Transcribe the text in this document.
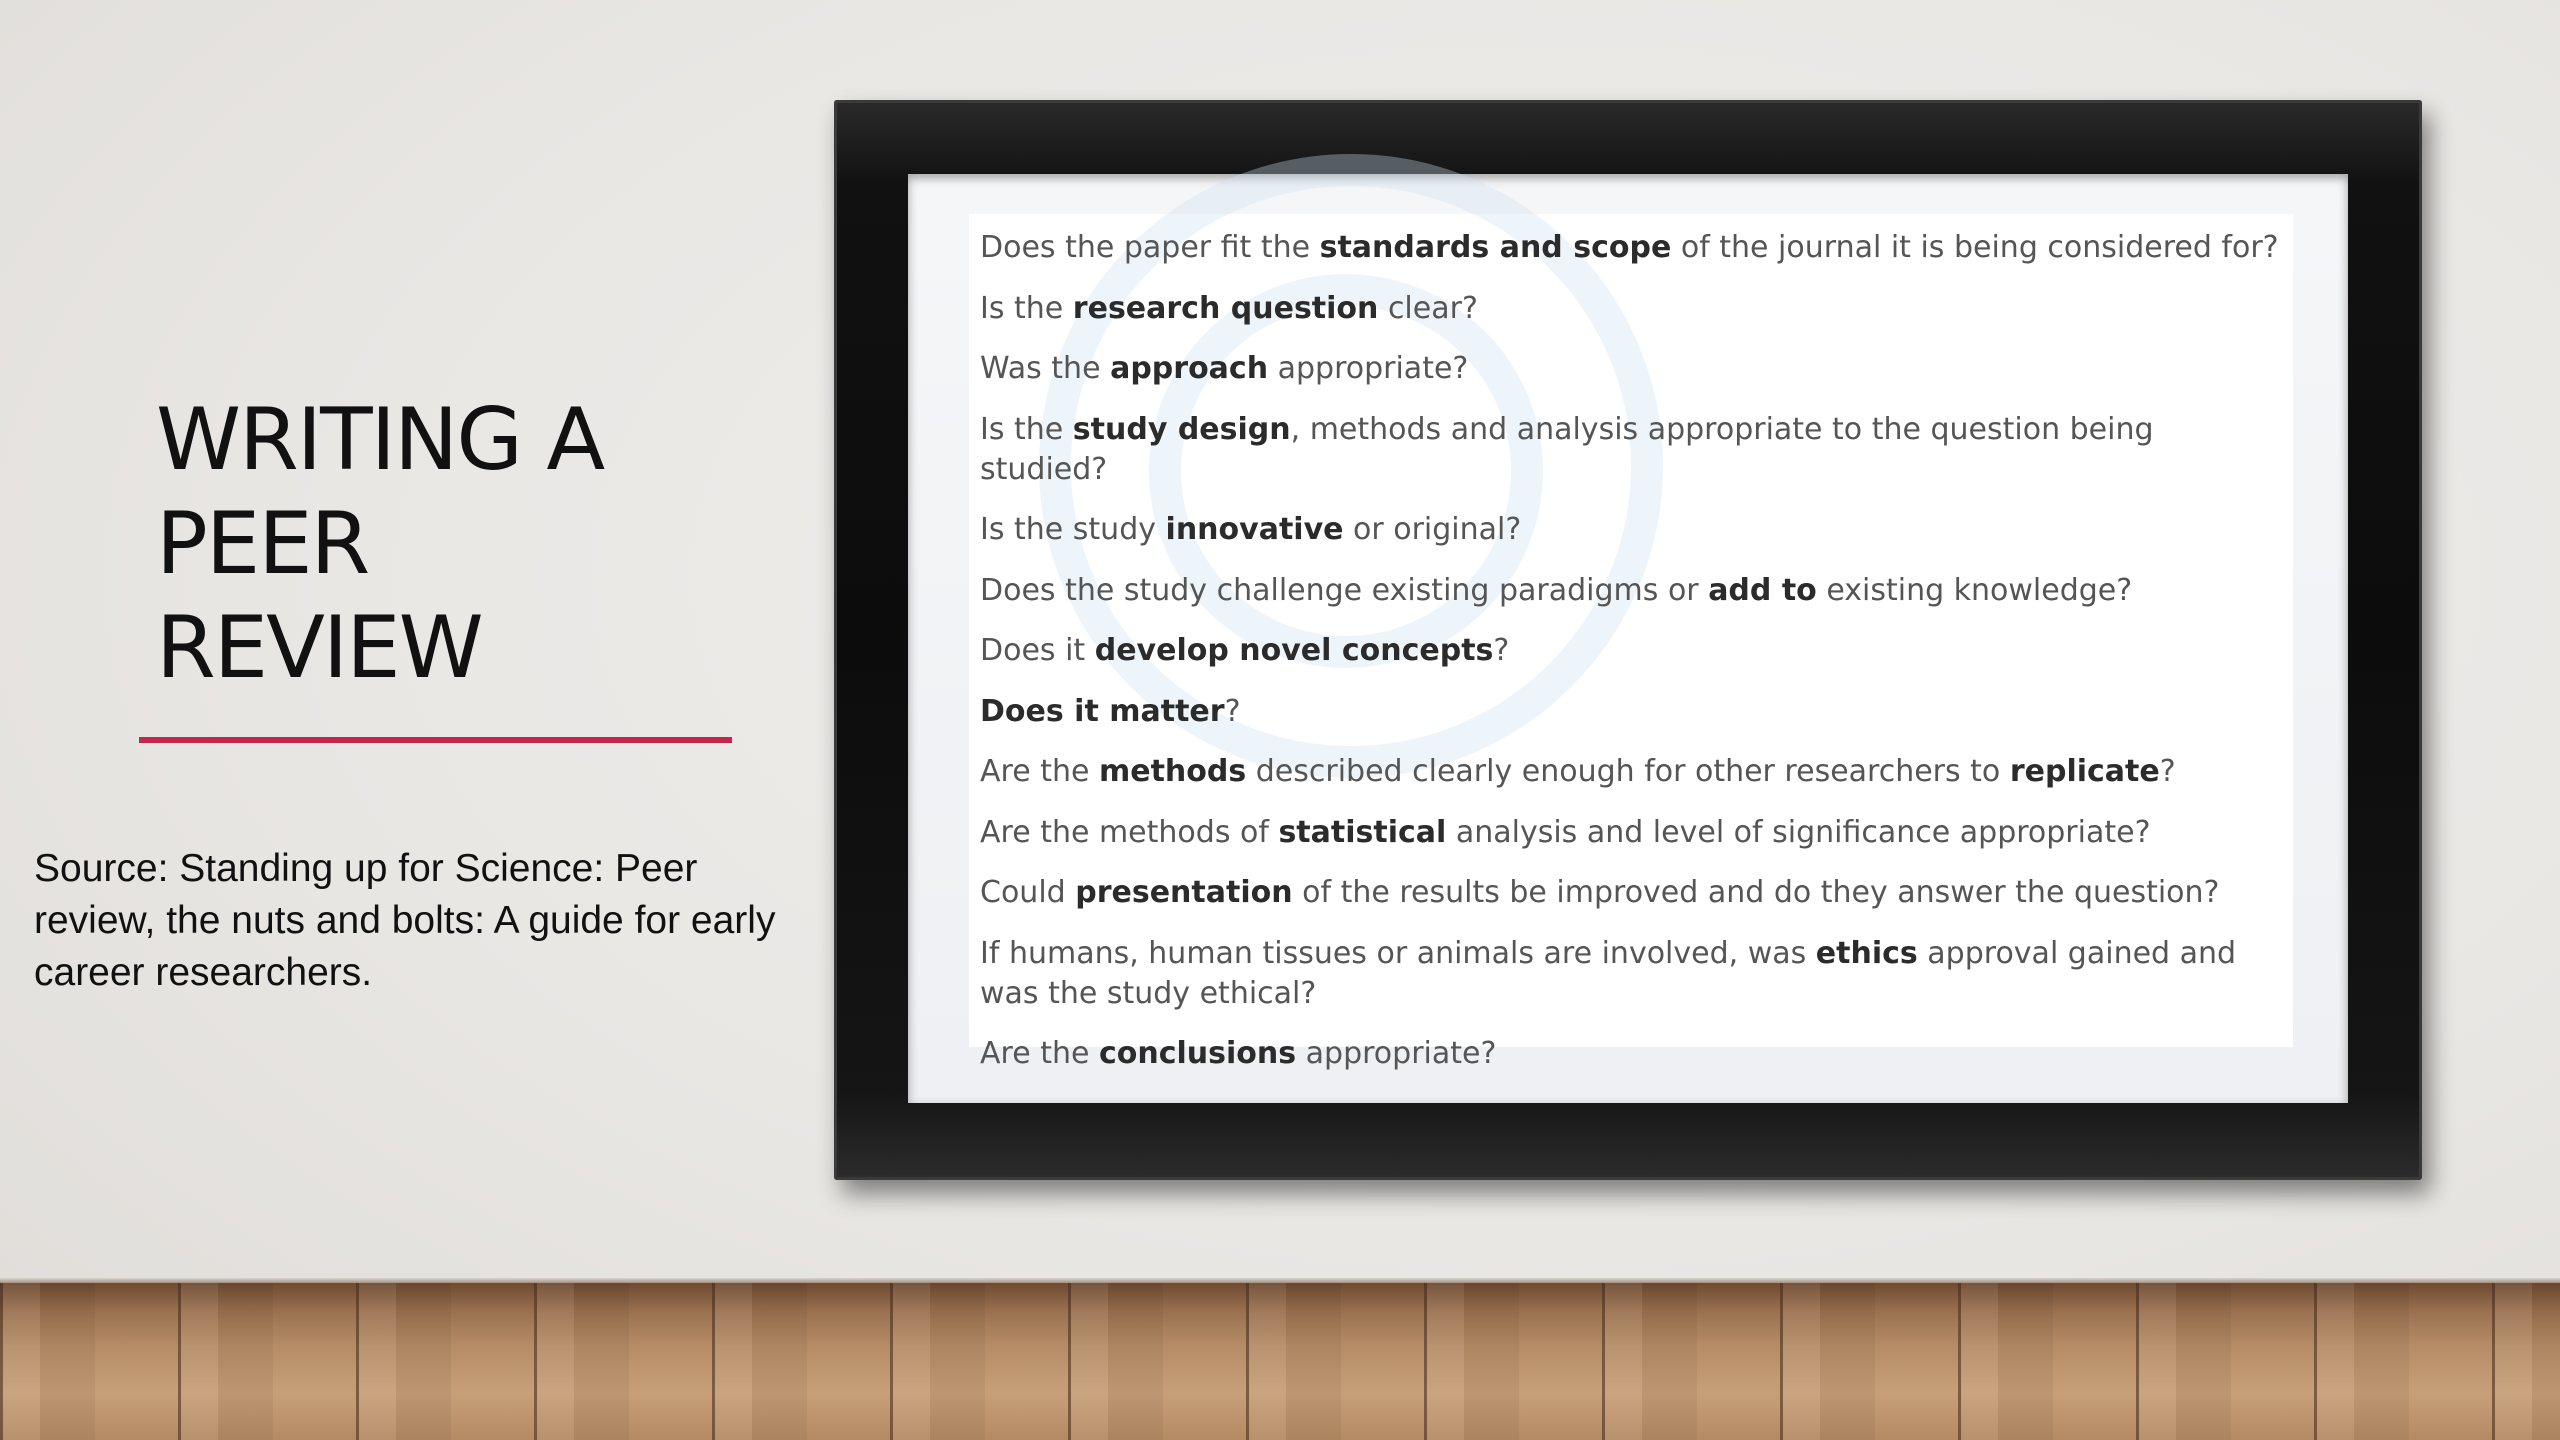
WRITING A
PEER
REVIEW

Source: Standing up for Science: Peer review, the nuts and bolts: A guide for early career researchers.

Does the paper fit the standards and scope of the journal it is being considered for?
Is the research question clear?
Was the approach appropriate?
Is the study design, methods and analysis appropriate to the question being studied?
Is the study innovative or original?
Does the study challenge existing paradigms or add to existing knowledge?
Does it develop novel concepts?
Does it matter?
Are the methods described clearly enough for other researchers to replicate?
Are the methods of statistical analysis and level of significance appropriate?
Could presentation of the results be improved and do they answer the question?
If humans, human tissues or animals are involved, was ethics approval gained and was the study ethical?
Are the conclusions appropriate?
